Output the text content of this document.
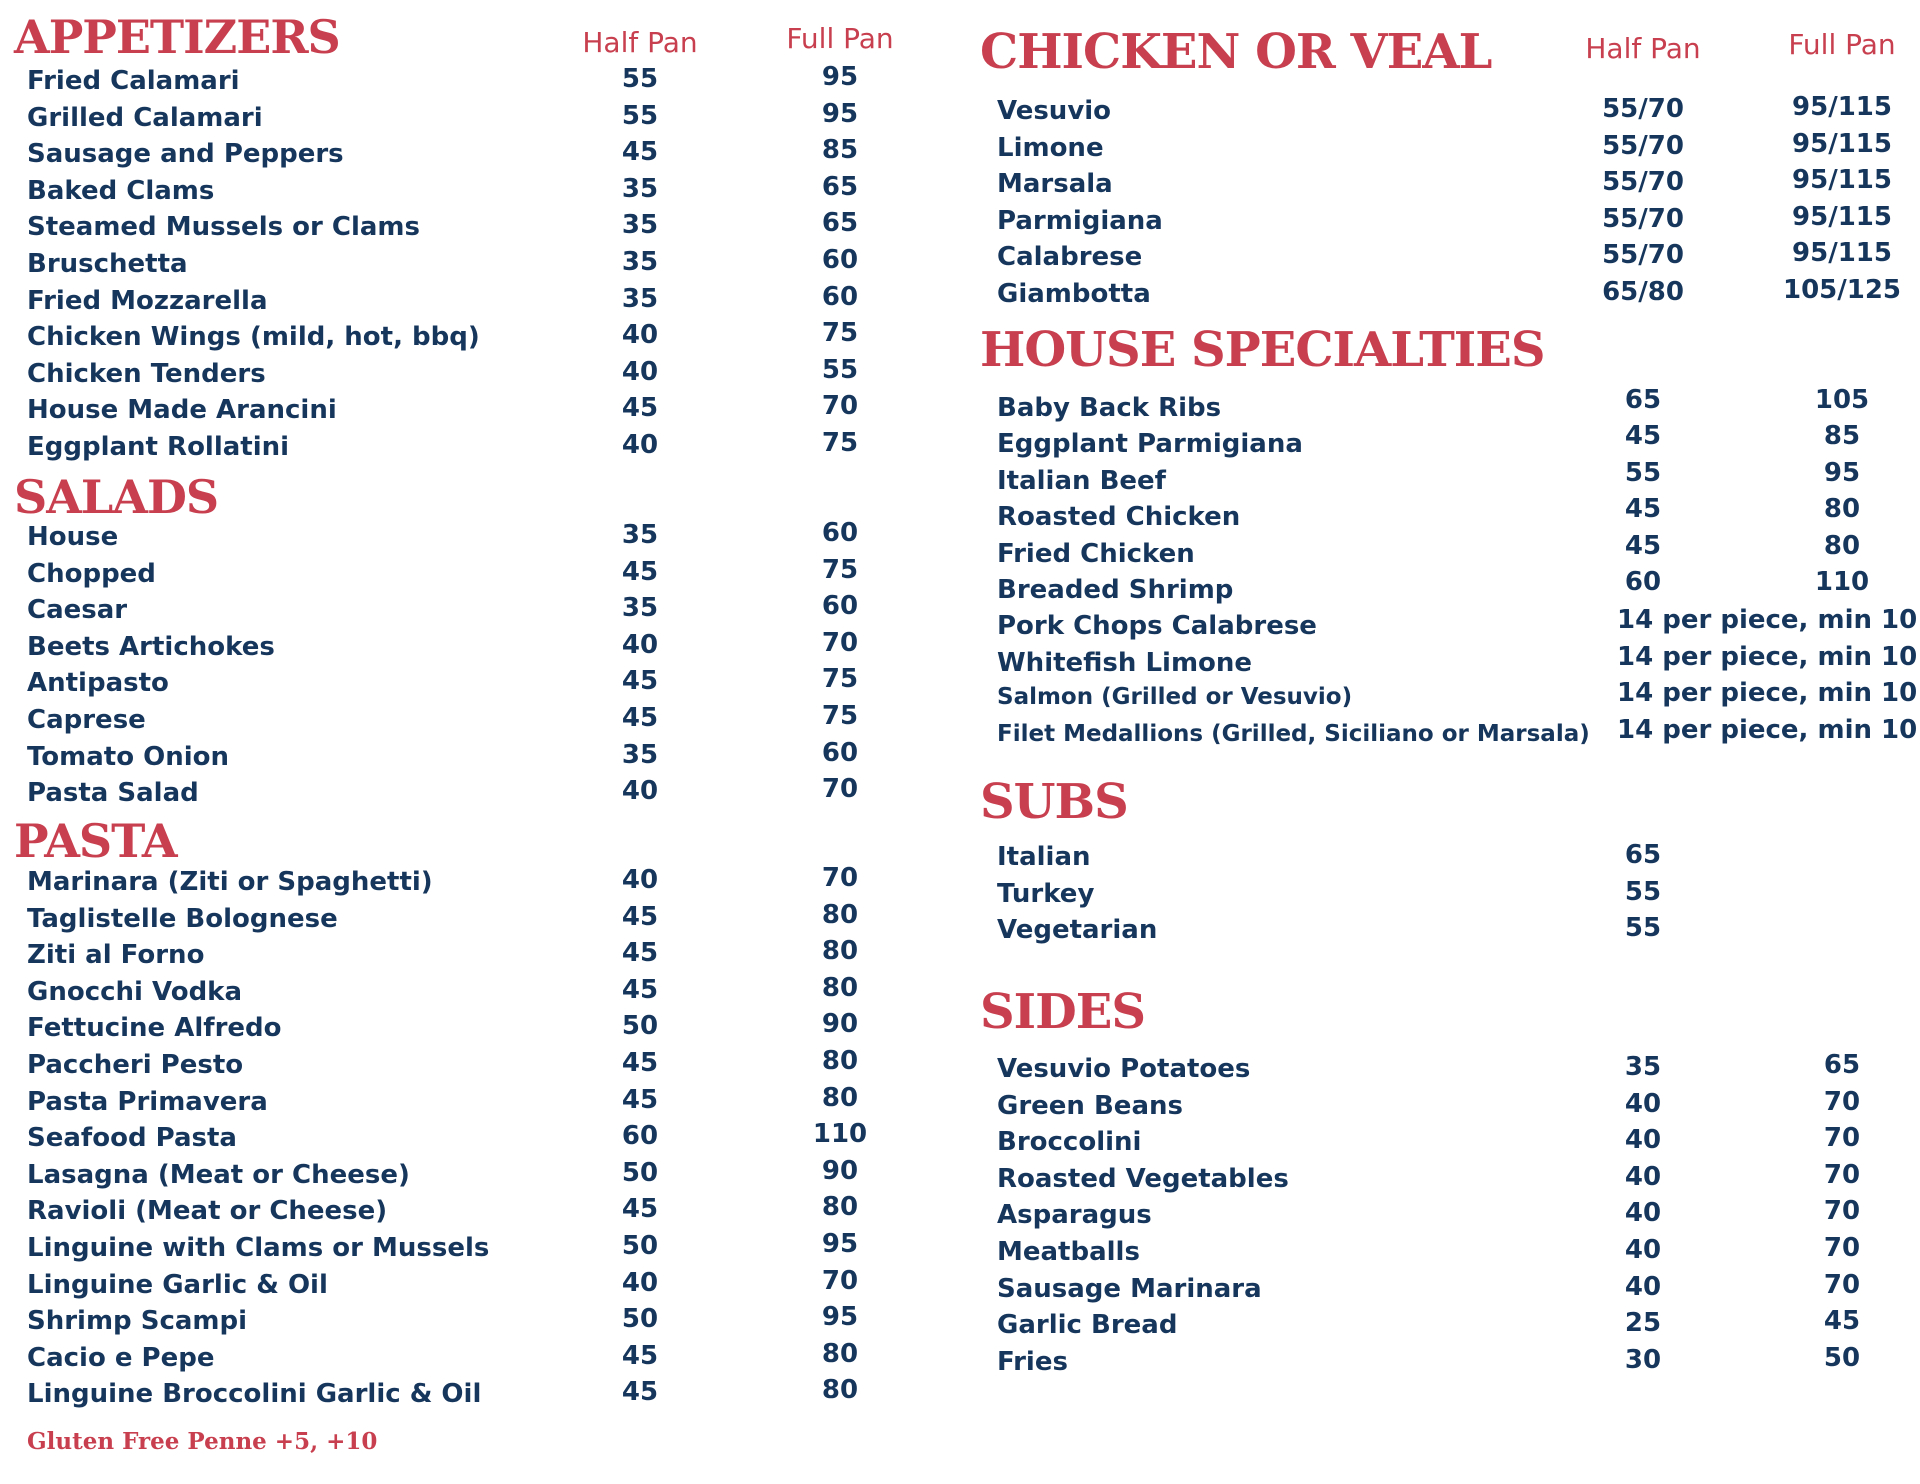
APPETIZERS	Half Pan	Full Pan
Fried Calamari	55	95
Grilled Calamari	55	95
Sausage and Peppers	45	85
Baked Clams	35	65
Steamed Mussels or Clams	35	65
Bruschetta	35	60
Fried Mozzarella	35	60
Chicken Wings (mild, hot, bbq)	40	75
Chicken Tenders	40	55
House Made Arancini	45	70
Eggplant Rollatini	40	75
SALADS
House	35	60
Chopped	45	75
Caesar	35	60
Beets Artichokes	40	70
Antipasto	45	75
Caprese	45	75
Tomato Onion	35	60
Pasta Salad	40	70
PASTA
Marinara (Ziti or Spaghetti)	40	70
Taglistelle Bolognese	45	80
Ziti al Forno	45	80
Gnocchi Vodka	45	80
Fettucine Alfredo	50	90
Paccheri Pesto	45	80
Pasta Primavera	45	80
Seafood Pasta	60	110
Lasagna (Meat or Cheese)	50	90
Ravioli (Meat or Cheese)	45	80
Linguine with Clams or Mussels	50	95
Linguine Garlic & Oil	40	70
Shrimp Scampi	50	95
Cacio e Pepe	45	80
Linguine Broccolini Garlic & Oil	45	80
CHICKEN OR VEAL	Half Pan	Full Pan
Vesuvio	55/70	95/115
Limone	55/70	95/115
Marsala	55/70	95/115
Parmigiana	55/70	95/115
Calabrese	55/70	95/115
Giambotta	65/80	105/125
HOUSE SPECIALTIES
Baby Back Ribs	65	105
Eggplant Parmigiana	45	85
Italian Beef	55	95
Roasted Chicken	45	80
Fried Chicken	45	80
Breaded Shrimp	60	110
Pork Chops Calabrese	14 per piece, min 10
Whitefish Limone	14 per piece, min 10
Salmon (Grilled or Vesuvio)	14 per piece, min 10
Filet Medallions (Grilled, Siciliano or Marsala) 14 per piece, min 10
SUBS
Italian	65
Turkey	55
Vegetarian	55
SIDES
Vesuvio Potatoes	35	65
Green Beans	40	70
Broccolini	40	70
Roasted Vegetables	40	70
Asparagus	40	70
Meatballs	40	70
Sausage Marinara	40	70
Garlic Bread	25	45
Fries	30	50
Gluten Free Penne +5, +10
